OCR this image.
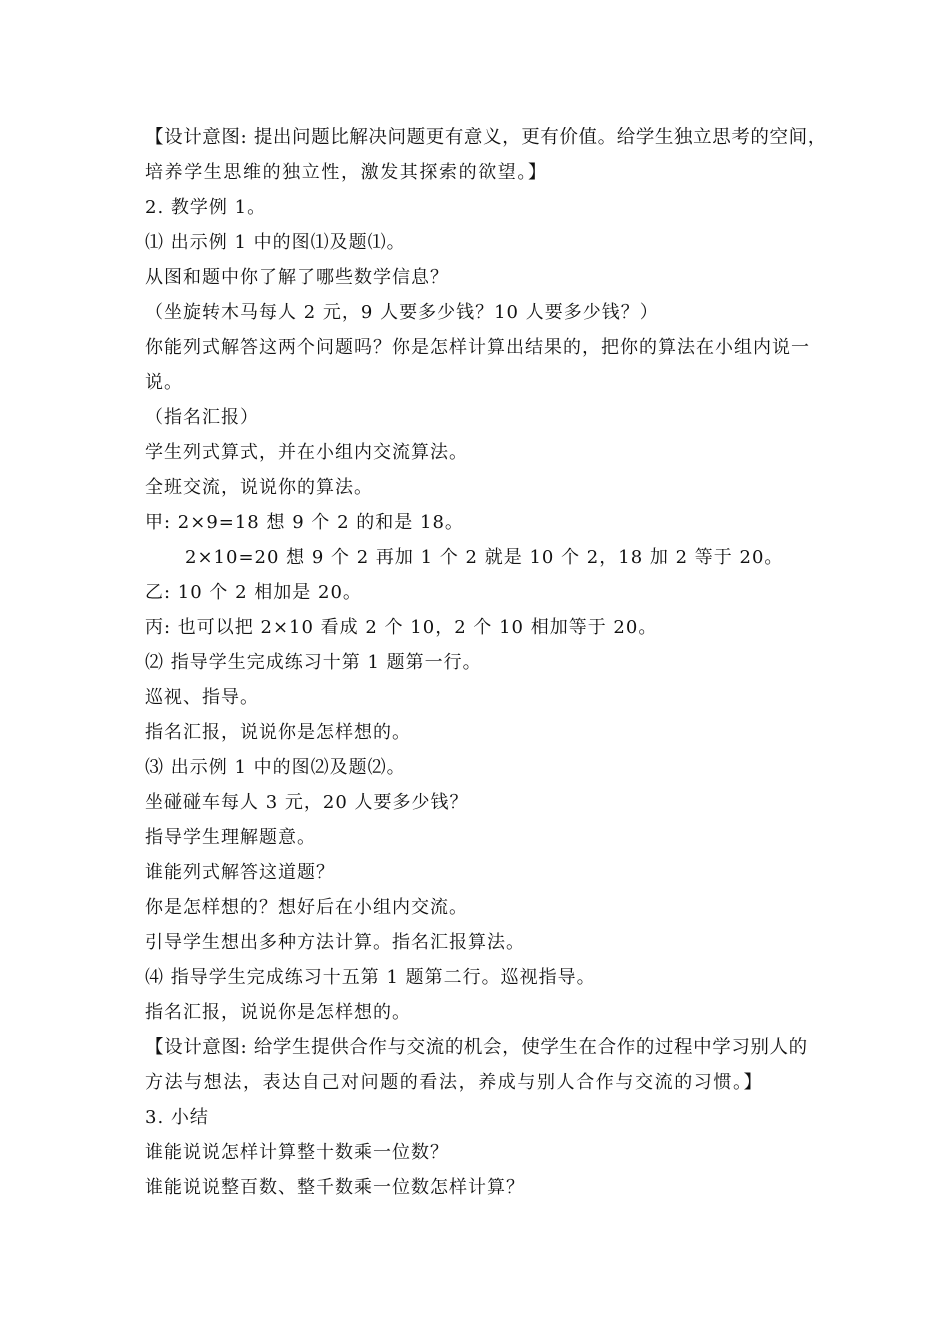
【设计意图: 提出问题比解决问题更有意义，更有价值。给学生独立思考的空间，
培养学生思维的独立性，激发其探索的欲望。】
2. 教学例 1。
⑴ 出示例 1 中的图⑴及题⑴。
从图和题中你了解了哪些数学信息？
（坐旋转木马每人 2 元，9 人要多少钱？10 人要多少钱？）
你能列式解答这两个问题吗？你是怎样计算出结果的，把你的算法在小组内说一
说。
（指名汇报）
学生列式算式，并在小组内交流算法。
全班交流，说说你的算法。
甲: 2×9=18 想 9 个 2 的和是 18。
2×10=20 想 9 个 2 再加 1 个 2 就是 10 个 2，18 加 2 等于 20。
乙: 10 个 2 相加是 20。
丙: 也可以把 2×10 看成 2 个 10，2 个 10 相加等于 20。
⑵ 指导学生完成练习十第 1 题第一行。
巡视、指导。
指名汇报，说说你是怎样想的。
⑶ 出示例 1 中的图⑵及题⑵。
坐碰碰车每人 3 元，20 人要多少钱？
指导学生理解题意。
谁能列式解答这道题？
你是怎样想的？想好后在小组内交流。
引导学生想出多种方法计算。指名汇报算法。
⑷ 指导学生完成练习十五第 1 题第二行。巡视指导。
指名汇报，说说你是怎样想的。
【设计意图: 给学生提供合作与交流的机会，使学生在合作的过程中学习别人的
方法与想法，表达自己对问题的看法，养成与别人合作与交流的习惯。】
3. 小结
谁能说说怎样计算整十数乘一位数？
谁能说说整百数、整千数乘一位数怎样计算？
